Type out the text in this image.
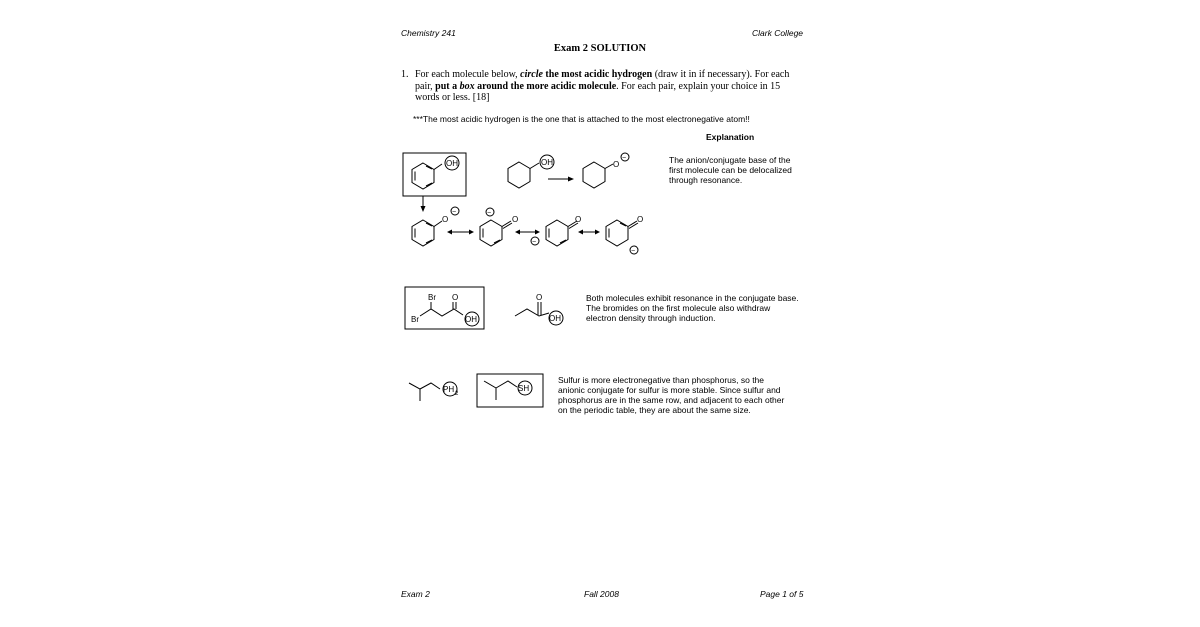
Chemistry 241	Clark College
Exam 2 SOLUTION
1. For each molecule below, circle the most acidic hydrogen (draw it in if necessary). For each pair, put a box around the more acidic molecule. For each pair, explain your choice in 15 words or less. [18]
***The most acidic hydrogen is the one that is attached to the most electronegative atom!!
Explanation
The anion/conjugate base of the first molecule can be delocalized through resonance.
Both molecules exhibit resonance in the conjugate base. The bromides on the first molecule also withdraw electron density through induction.
Sulfur is more electronegative than phosphorus, so the anionic conjugate for sulfur is more stable. Since sulfur and phosphorus are in the same row, and adjacent to each other on the periodic table, they are about the same size.
OH	OH	O
−
O
−
O
−
−
O	O
−
Br
Br
O
OH
O
OH
PH 2
SH
Exam 2	Fall 2008	Page 1 of 5
